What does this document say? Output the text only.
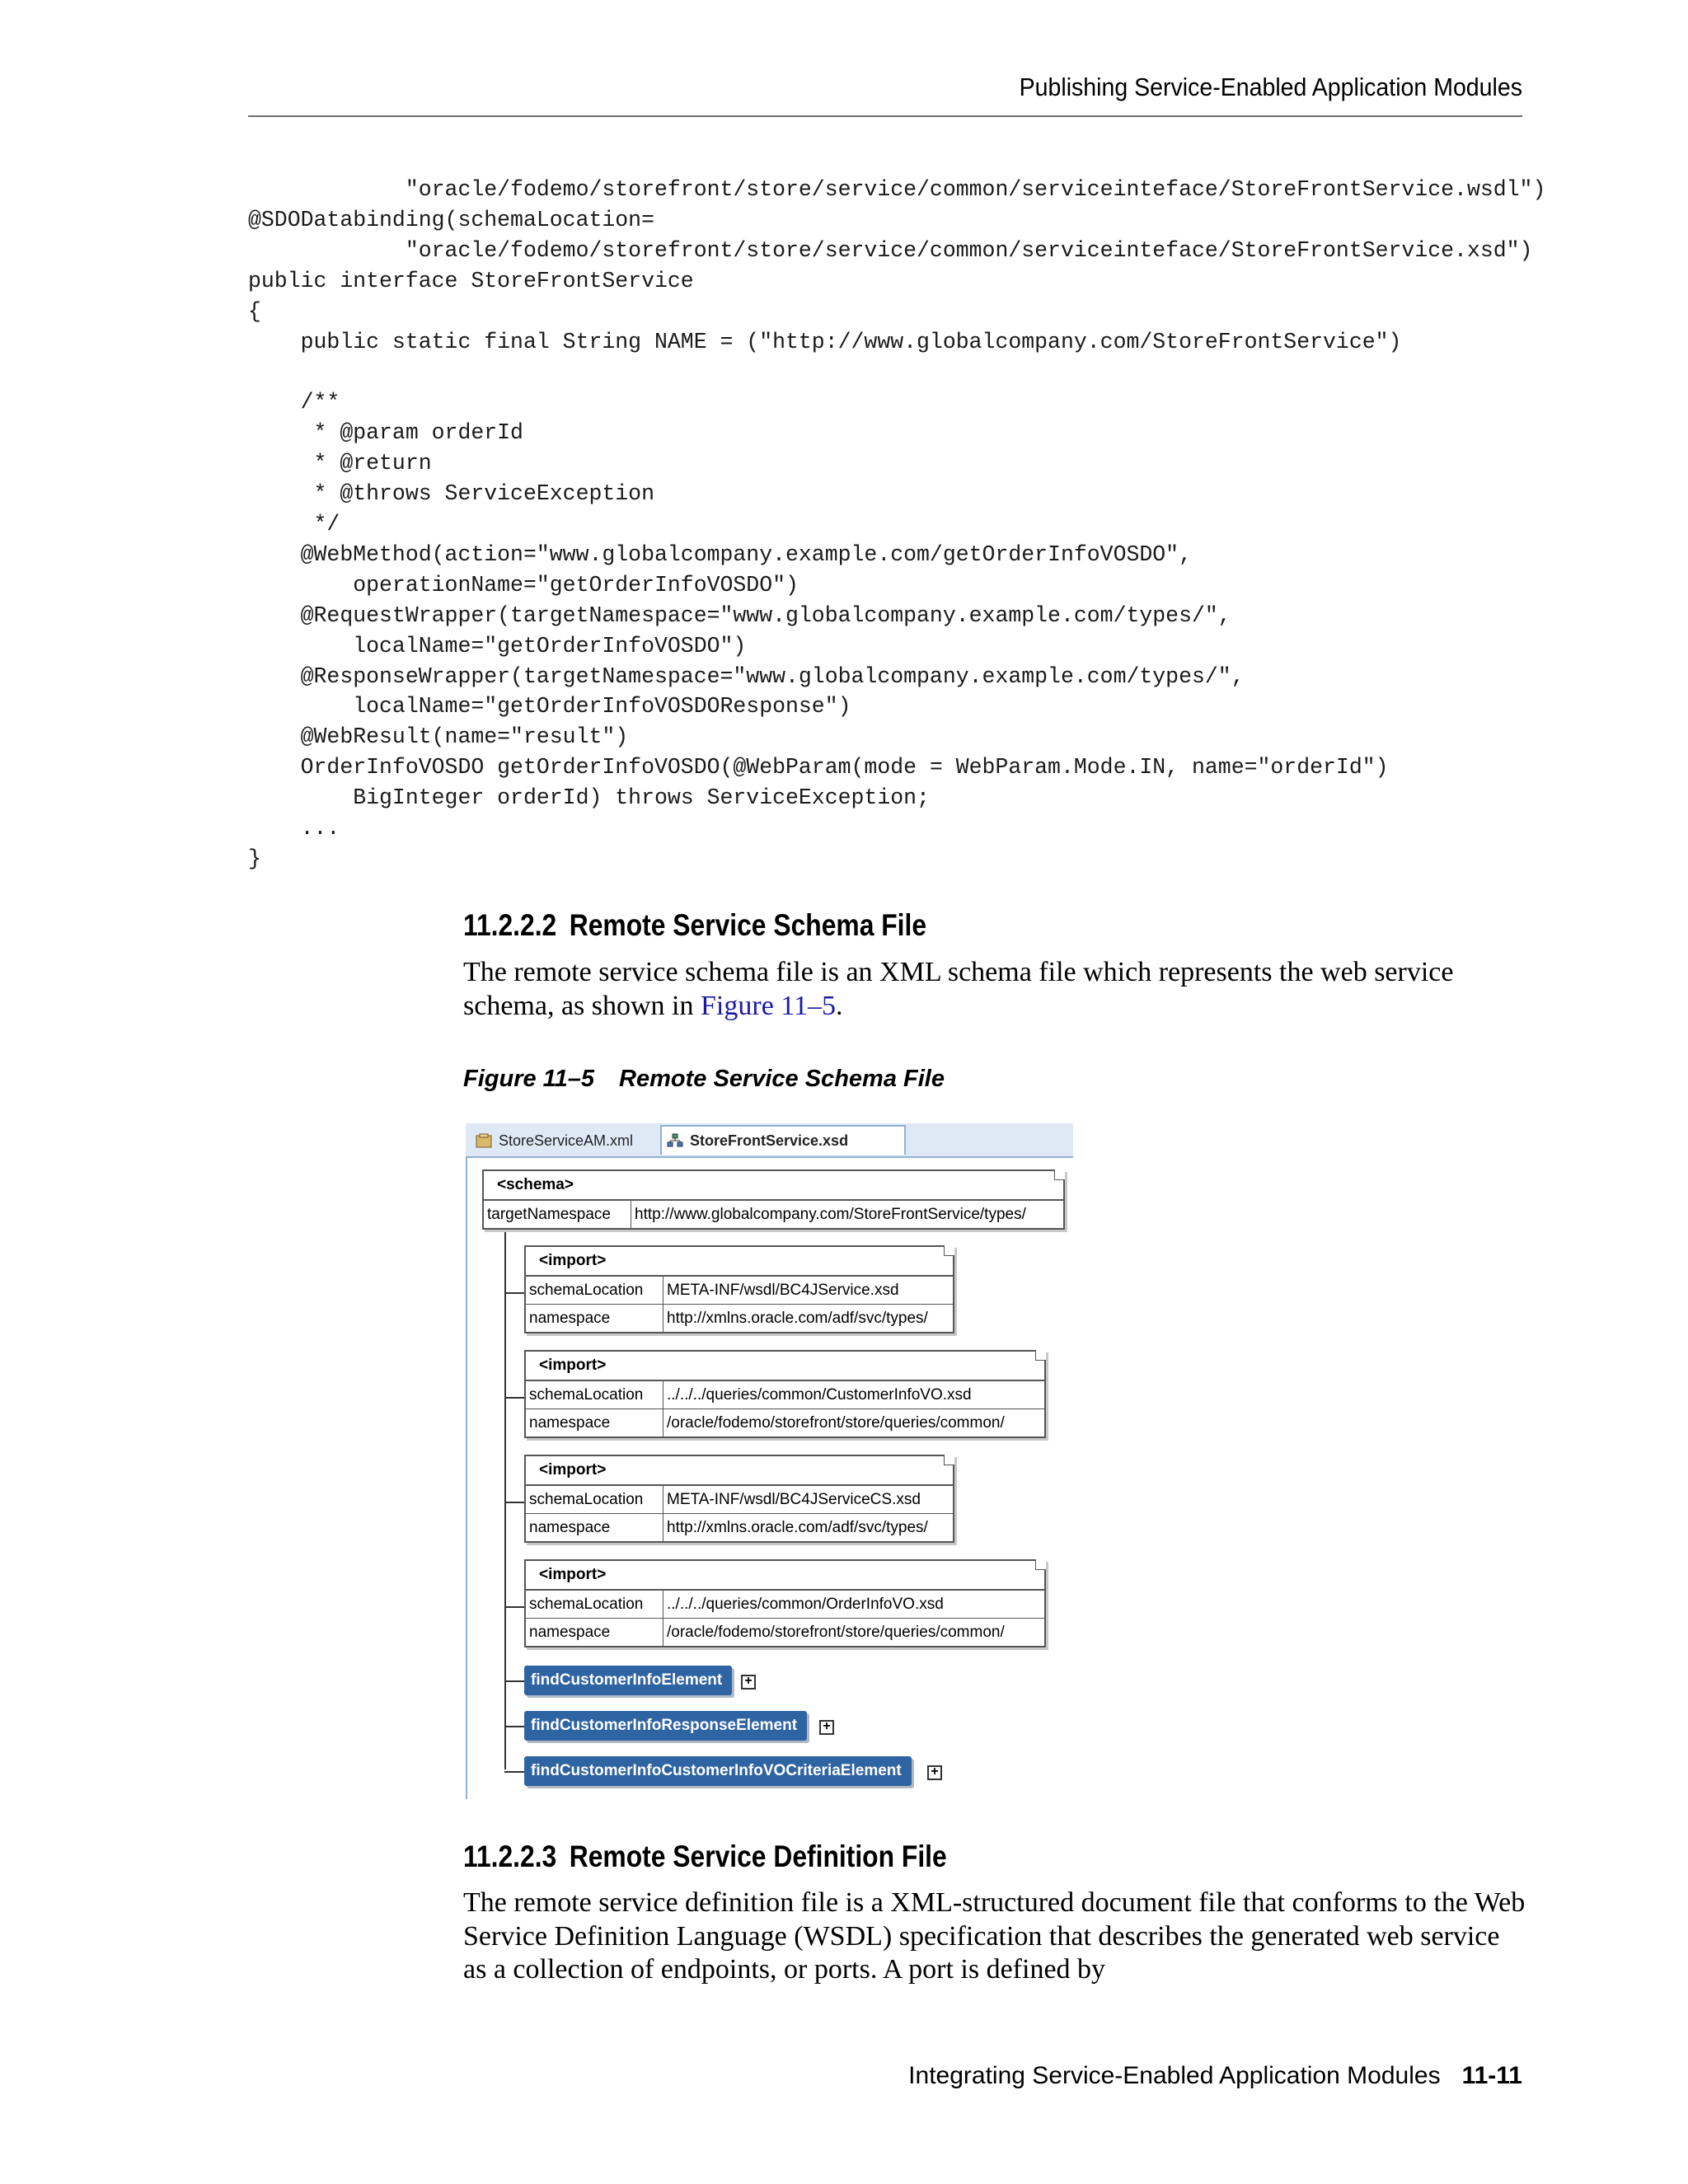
Publishing Service-Enabled Application Modules
"oracle/fodemo/storefront/store/service/common/serviceinteface/StoreFrontService.wsdl")
@SDODatabinding(schemaLocation=
"oracle/fodemo/storefront/store/service/common/serviceinteface/StoreFrontService.xsd")
public interface StoreFrontService
{
public static final String NAME = ("http://www.globalcompany.com/StoreFrontService")

/**
* @param orderId
* @return
* @throws ServiceException
*/
@WebMethod(action="www.globalcompany.example.com/getOrderInfoVOSDO",
operationName="getOrderInfoVOSDO")
@RequestWrapper(targetNamespace="www.globalcompany.example.com/types/",
localName="getOrderInfoVOSDO")
@ResponseWrapper(targetNamespace="www.globalcompany.example.com/types/",
localName="getOrderInfoVOSDOResponse")
@WebResult(name="result")
OrderInfoVOSDO getOrderInfoVOSDO(@WebParam(mode = WebParam.Mode.IN, name="orderId")
BigInteger orderId) throws ServiceException;
...
}

11.2.2.2 Remote Service Schema File
The remote service schema file is an XML schema file which represents the web service schema, as shown in Figure 11–5.
Figure 11–5 Remote Service Schema File
StoreServiceAM.xml	StoreFrontService.xsd
<schema>
targetNamespace	http://www.globalcompany.com/StoreFrontService/types/
<import>
schemaLocation	META-INF/wsdl/BC4JService.xsd
namespace	http://xmlns.oracle.com/adf/svc/types/
<import>
schemaLocation	../../../queries/common/CustomerInfoVO.xsd
namespace	/oracle/fodemo/storefront/store/queries/common/
<import>
schemaLocation	META-INF/wsdl/BC4JServiceCS.xsd
namespace	http://xmlns.oracle.com/adf/svc/types/
<import>
schemaLocation	../../../queries/common/OrderInfoVO.xsd
namespace	/oracle/fodemo/storefront/store/queries/common/
findCustomerInfoElement	+
findCustomerInfoResponseElement	+
findCustomerInfoCustomerInfoVOCriteriaElement	+
11.2.2.3 Remote Service Definition File
The remote service definition file is a XML-structured document file that conforms to the Web Service Definition Language (WSDL) specification that describes the generated web service as a collection of endpoints, or ports. A port is defined by
Integrating Service-Enabled Application Modules 11-11
